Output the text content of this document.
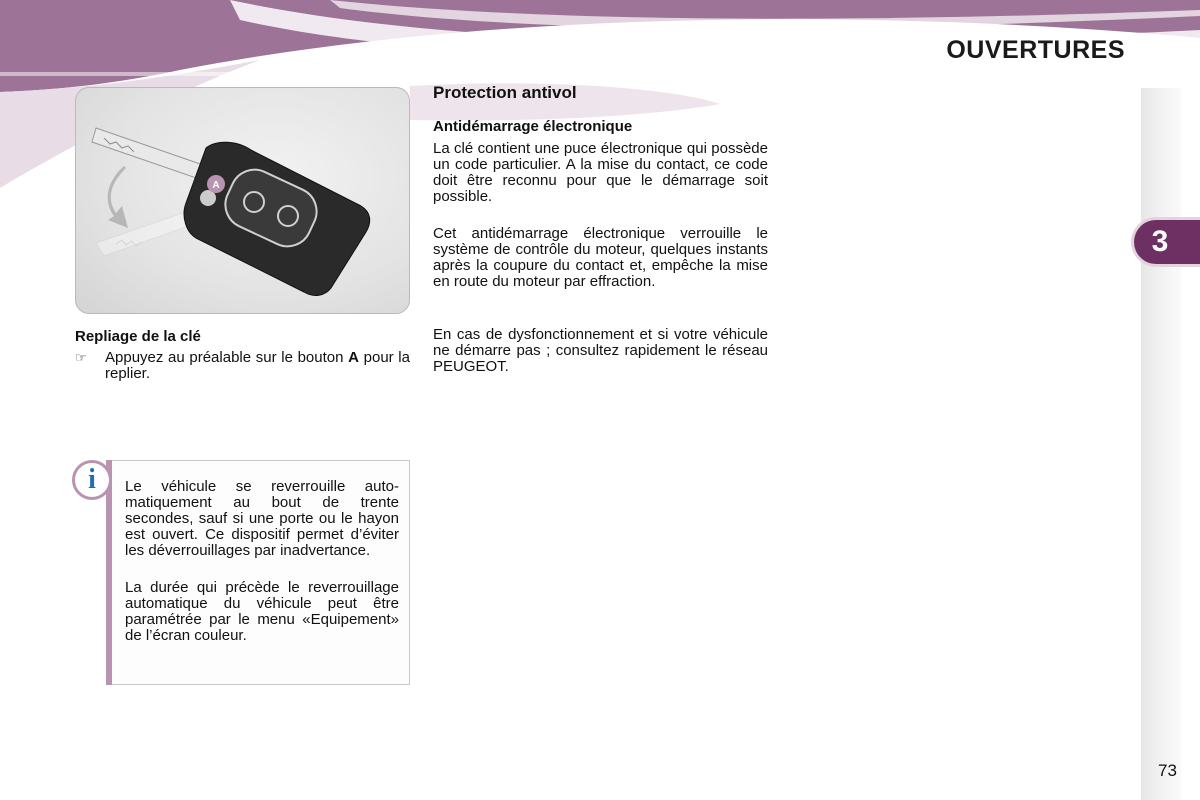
OUVERTURES
3
A
Repliage de la clé
☞ Appuyez au préalable sur le bouton A pour la replier.
Protection antivol
Antidémarrage électronique
La clé contient une puce électronique qui possède un code particulier. A la mise du contact, ce code doit être reconnu pour que le démarrage soit possible.
Cet antidémarrage électronique verrouille le système de contrôle du moteur, quelques instants après la coupure du contact et, empêche la mise en route du moteur par effraction.
En cas de dysfonctionnement et si votre véhicule ne démarre pas ; consultez rapidement le réseau PEUGEOT.
i	Le véhicule se reverrouille automatiquement au bout de trente secondes, sauf si une porte ou le hayon est ouvert. Ce dispositif permet d’éviter les déverrouillages par inadvertance.
La durée qui précède le reverrouillage automatique du véhicule peut être paramétrée par le menu «Equipement» de l’écran couleur.
73
